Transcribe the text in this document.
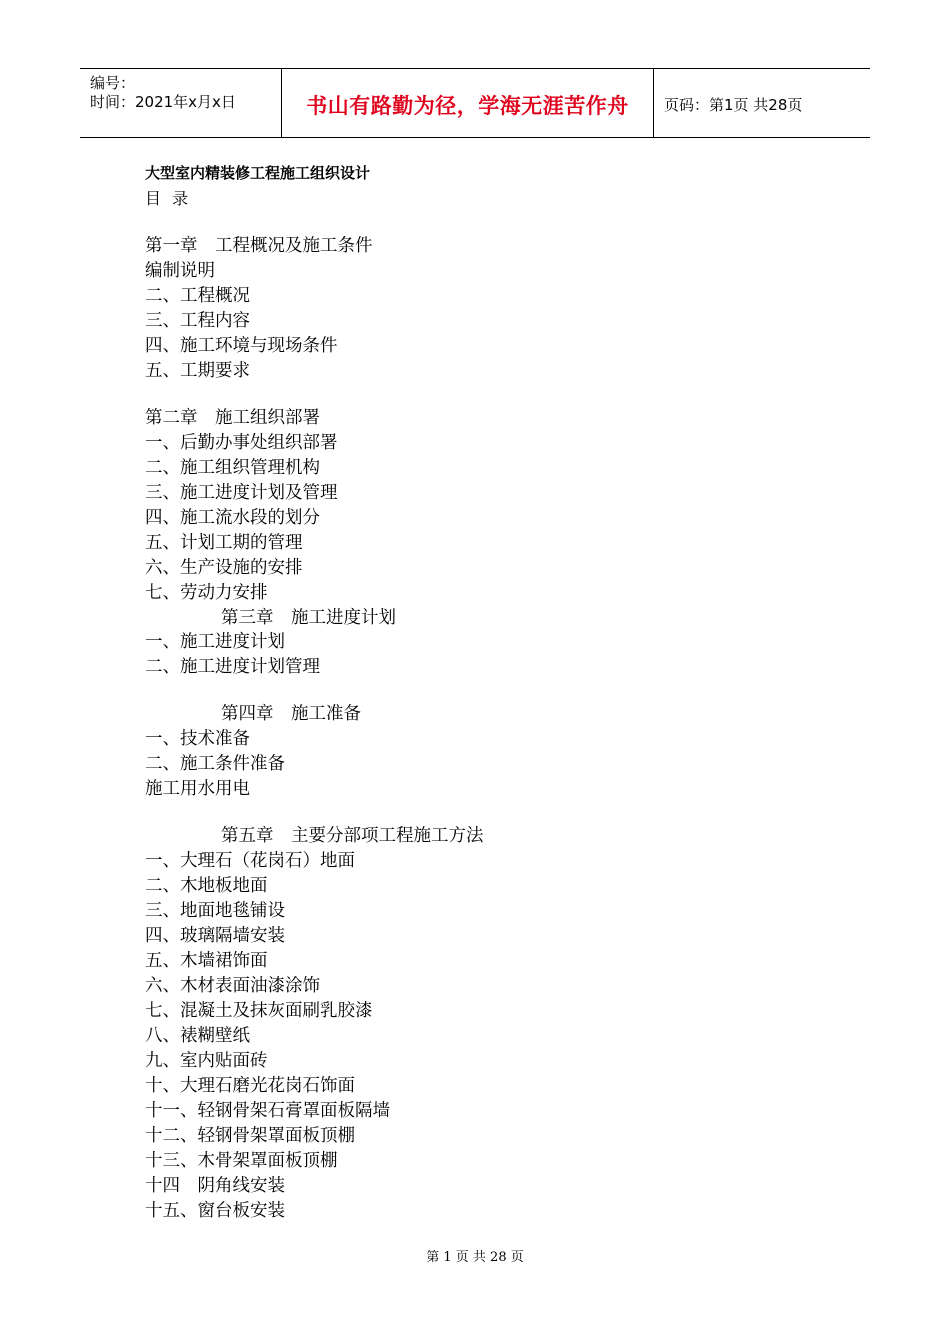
编号：
时间：2021年x月x日	书山有路勤为径，学海无涯苦作舟 页码：第1页 共28页
大型室内精装修工程施工组织设计
目 录
第一章　工程概况及施工条件
编制说明
二、工程概况
三、工程内容
四、施工环境与现场条件
五、工期要求
第二章　施工组织部署
一、后勤办事处组织部署
二、施工组织管理机构
三、施工进度计划及管理
四、施工流水段的划分
五、计划工期的管理
六、生产设施的安排
七、劳动力安排
第三章　施工进度计划
一、施工进度计划
二、施工进度计划管理
第四章　施工准备
一、技术准备
二、施工条件准备
施工用水用电
第五章　主要分部项工程施工方法
一、大理石（花岗石）地面
二、木地板地面
三、地面地毯铺设
四、玻璃隔墙安装
五、木墙裙饰面
六、木材表面油漆涂饰
七、混凝土及抹灰面刷乳胶漆
八、裱糊壁纸
九、室内贴面砖
十、大理石磨光花岗石饰面
十一、轻钢骨架石膏罩面板隔墙
十二、轻钢骨架罩面板顶棚
十三、木骨架罩面板顶棚
十四　阴角线安装
十五、窗台板安装
第 1 页 共 28 页
